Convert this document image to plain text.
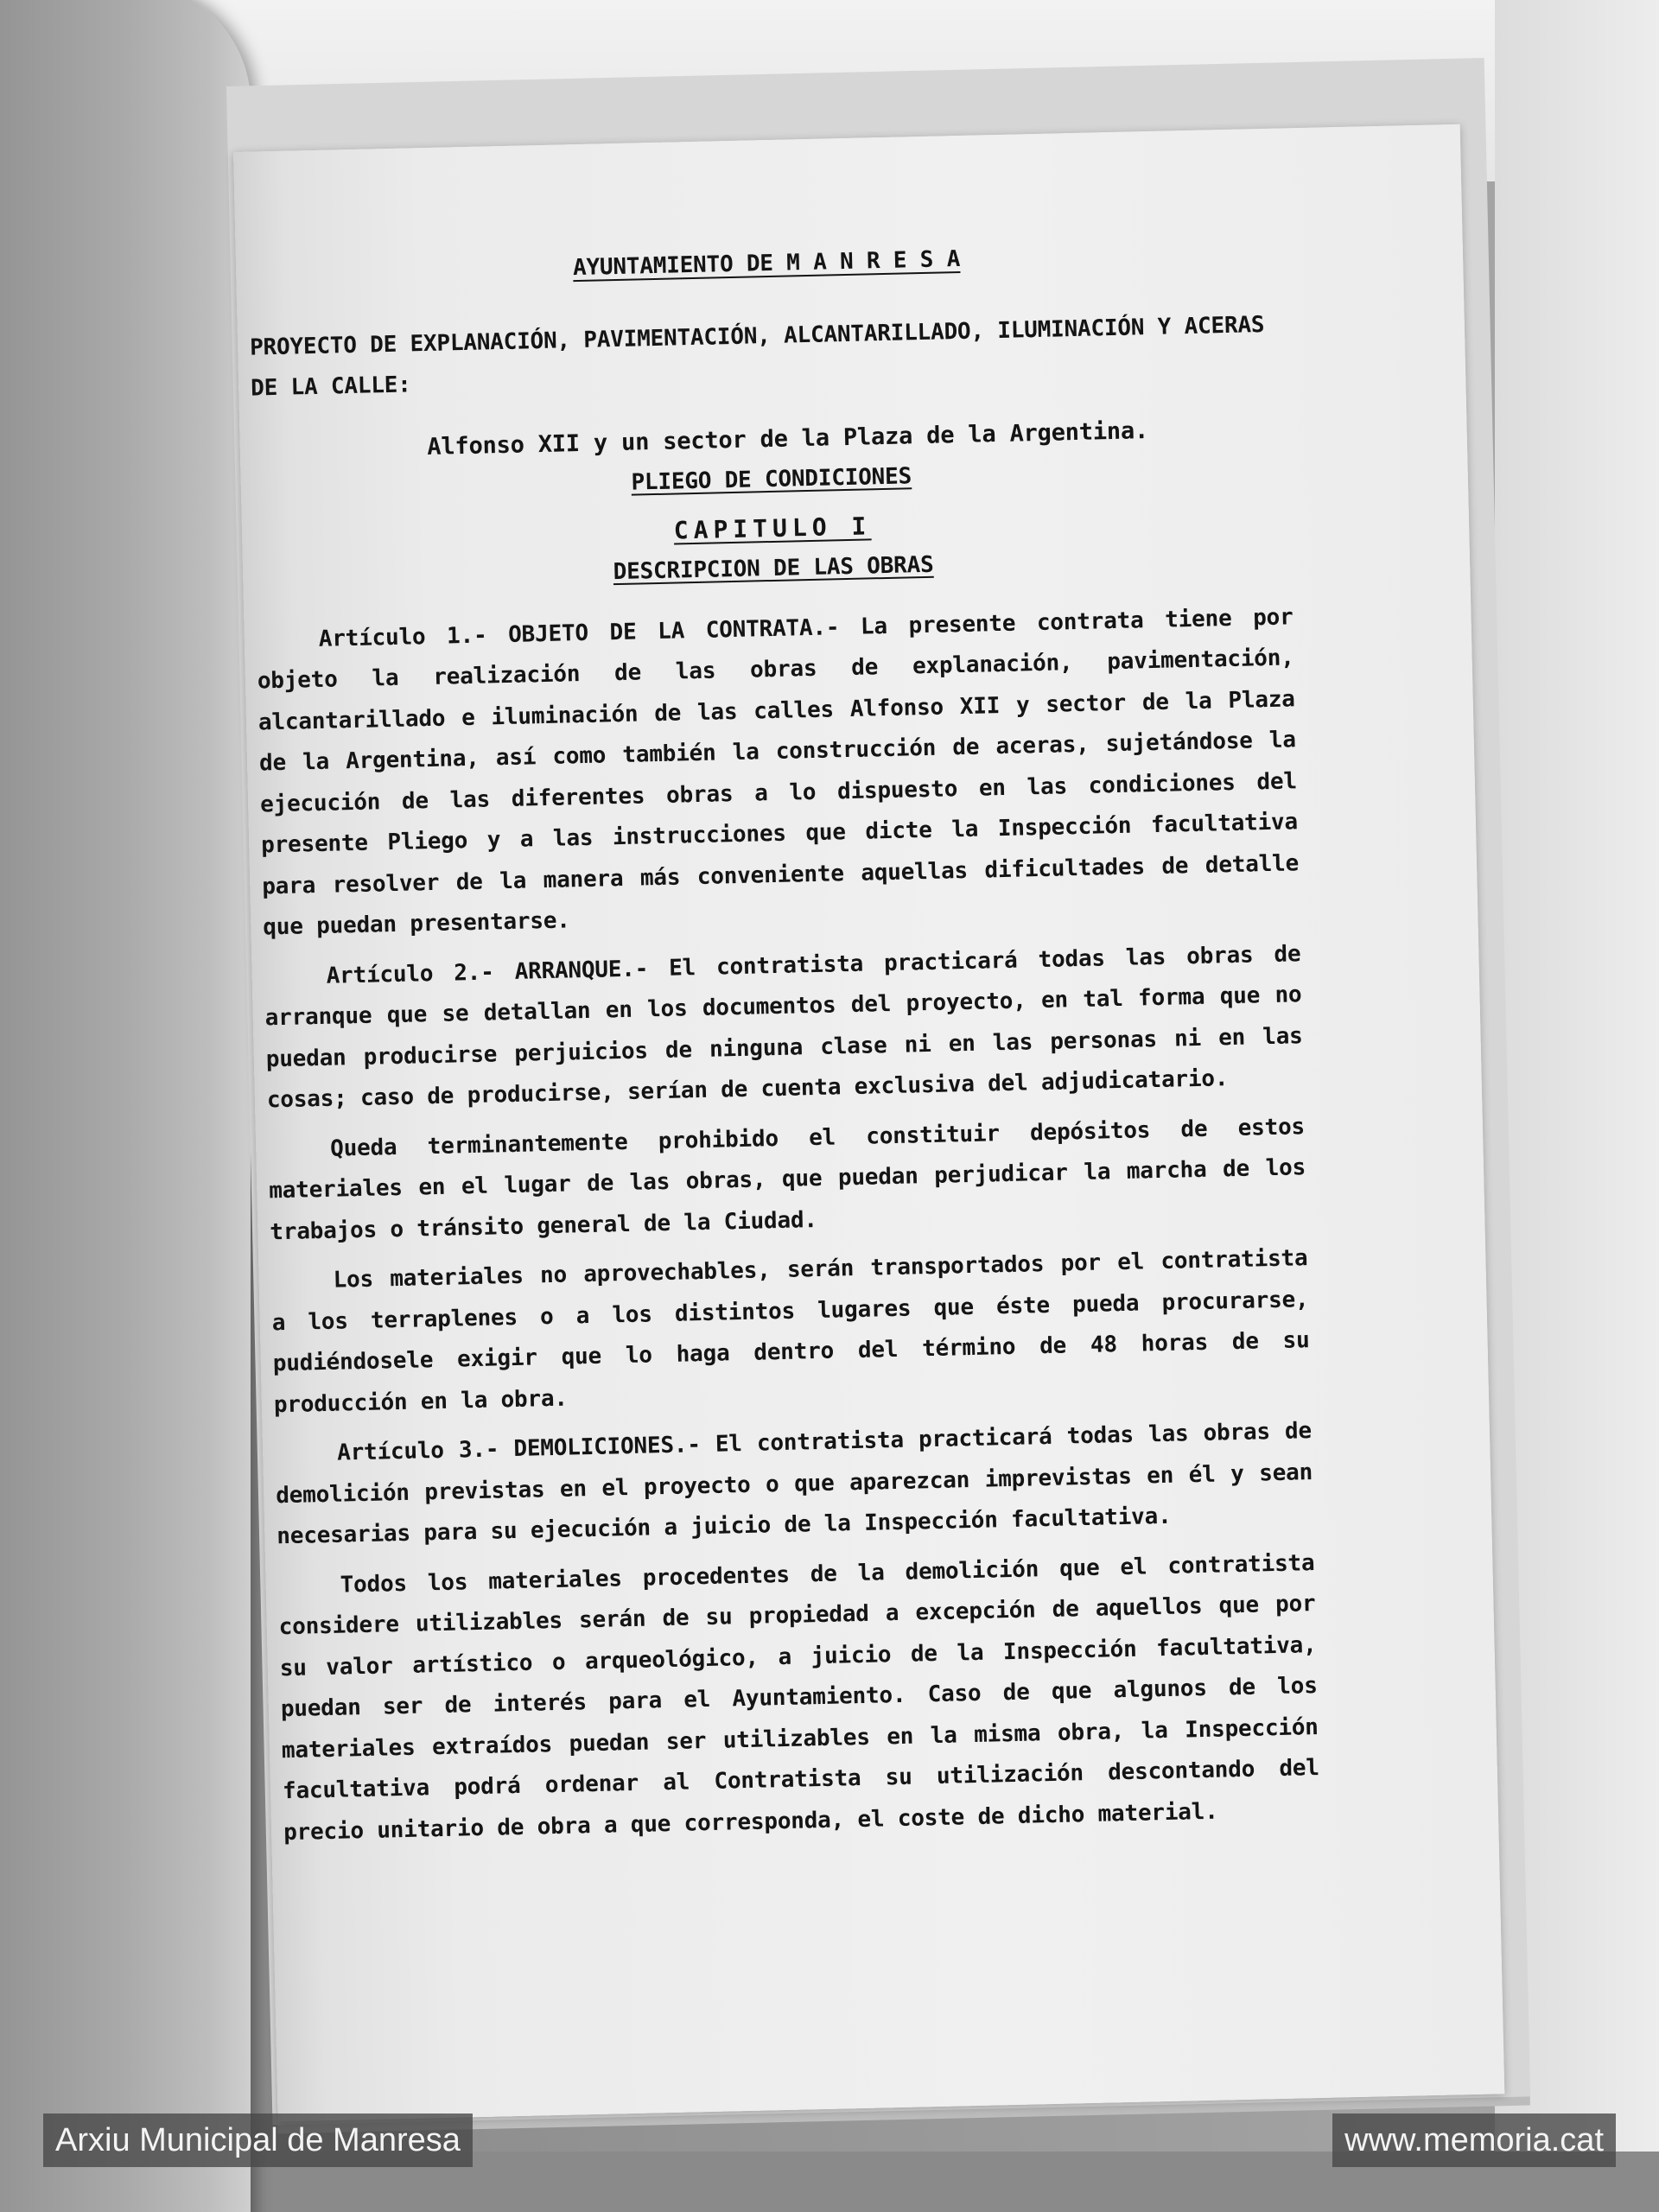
AYUNTAMIENTO DE M A N R E S A

PROYECTO DE EXPLANACIÓN, PAVIMENTACIÓN, ALCANTARILLADO, ILUMINACIÓN Y ACERAS DE LA CALLE:

Alfonso XII y un sector de la Plaza de la Argentina.

PLIEGO DE CONDICIONES

CAPITULO I

DESCRIPCION DE LAS OBRAS

Artículo 1.- OBJETO DE LA CONTRATA.- La presente contrata tiene por objeto la realización de las obras de explanación, pavimentación, alcantarillado e iluminación de las calles Alfonso XII y sector de la Plaza de la Argentina, así como también la construcción de aceras, sujetándose la ejecución de las diferentes obras a lo dispuesto en las condiciones del presente Pliego y a las instrucciones que dicte la Inspección facultativa para resolver de la manera más conveniente aquellas dificultades de detalle que puedan presentarse.

Artículo 2.- ARRANQUE.- El contratista practicará todas las obras de arranque que se detallan en los documentos del proyecto, en tal forma que no puedan producirse perjuicios de ninguna clase ni en las personas ni en las cosas; caso de producirse, serían de cuenta exclusiva del adjudicatario.

Queda terminantemente prohibido el constituir depósitos de estos materiales en el lugar de las obras, que puedan perjudicar la marcha de los trabajos o tránsito general de la Ciudad.

Los materiales no aprovechables, serán transportados por el contratista a los terraplenes o a los distintos lugares que éste pueda procurarse, pudiéndosele exigir que lo haga dentro del término de 48 horas de su producción en la obra.

Artículo 3.- DEMOLICIONES.- El contratista practicará todas las obras de demolición previstas en el proyecto o que aparezcan imprevistas en él y sean necesarias para su ejecución a juicio de la Inspección facultativa.

Todos los materiales procedentes de la demolición que el contratista considere utilizables serán de su propiedad a excepción de aquellos que por su valor artístico o arqueológico, a juicio de la Inspección facultativa, puedan ser de interés para el Ayuntamiento. Caso de que algunos de los materiales extraídos puedan ser utilizables en la misma obra, la Inspección facultativa podrá ordenar al Contratista su utilización descontando del precio unitario de obra a que corresponda, el coste de dicho material.

Arxiu Municipal de Manresa	www.memoria.cat
